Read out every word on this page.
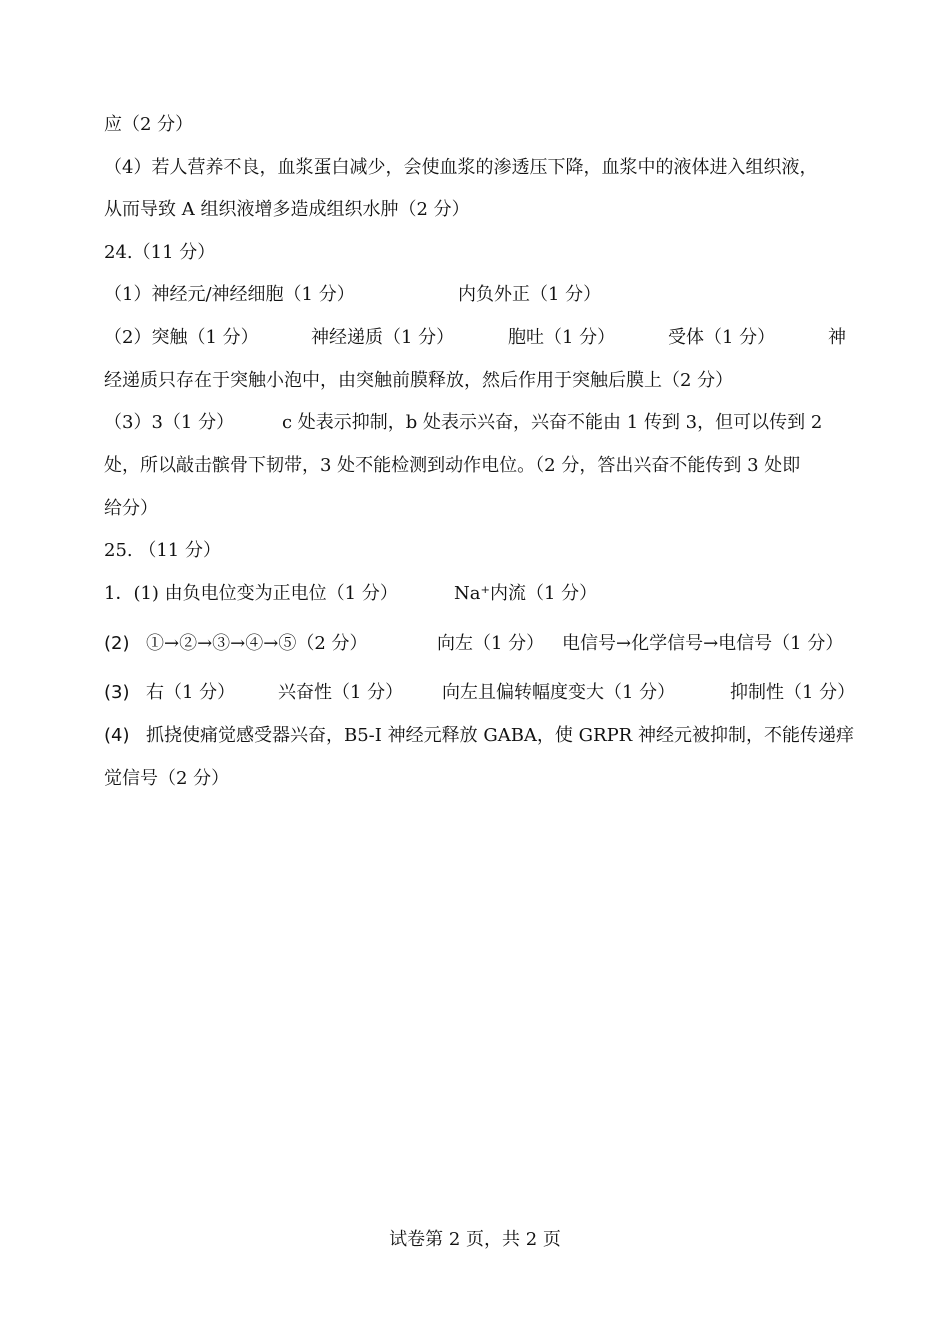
应（2 分）
（4）若人营养不良，血浆蛋白减少，会使血浆的渗透压下降，血浆中的液体进入组织液，
从而导致 A 组织液增多造成组织水肿（2 分）
24.（11 分）
（1）神经元/神经细胞（1 分）	内负外正（1 分）
（2）突触（1 分）	神经递质（1 分）	胞吐（1 分）	受体（1 分）	神
经递质只存在于突触小泡中，由突触前膜释放，然后作用于突触后膜上（2 分）
（3）3（1 分）	c 处表示抑制，b 处表示兴奋，兴奋不能由 1 传到 3，但可以传到 2
处，所以敲击髌骨下韧带，3 处不能检测到动作电位。（2 分，答出兴奋不能传到 3 处即
给分）
25. （11 分）
1．(1) 由负电位变为正电位（1 分）	Na⁺内流（1 分）
(2) ①→②→③→④→⑤（2 分）	向左（1 分） 电信号→化学信号→电信号（1 分）
(3) 右（1 分） 兴奋性（1 分） 向左且偏转幅度变大（1 分）	抑制性（1 分）
(4) 抓挠使痛觉感受器兴奋，B5-I 神经元释放 GABA，使 GRPR 神经元被抑制，不能传递痒
觉信号（2 分）
试卷第 2 页，共 2 页
